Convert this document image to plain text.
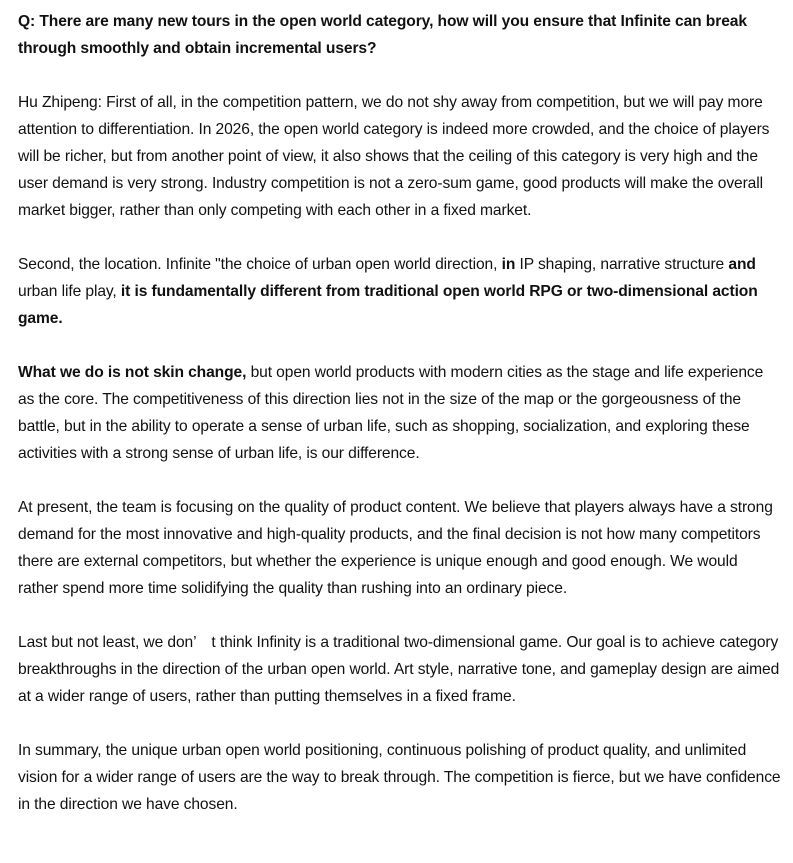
Q: There are many new tours in the open world category, how will you ensure that Infinite can break through smoothly and obtain incremental users?

Hu Zhipeng: First of all, in the competition pattern, we do not shy away from competition, but we will pay more attention to differentiation. In 2026, the open world category is indeed more crowded, and the choice of players will be richer, but from another point of view, it also shows that the ceiling of this category is very high and the user demand is very strong. Industry competition is not a zero-sum game, good products will make the overall market bigger, rather than only competing with each other in a fixed market.

Second, the location. Infinite "the choice of urban open world direction, in IP shaping, narrative structure and urban life play, it is fundamentally different from traditional open world RPG or two-dimensional action game.

What we do is not skin change, but open world products with modern cities as the stage and life experience as the core. The competitiveness of this direction lies not in the size of the map or the gorgeousness of the battle, but in the ability to operate a sense of urban life, such as shopping, socialization, and exploring these activities with a strong sense of urban life, is our difference.

At present, the team is focusing on the quality of product content. We believe that players always have a strong demand for the most innovative and high-quality products, and the final decision is not how many competitors there are external competitors, but whether the experience is unique enough and good enough. We would rather spend more time solidifying the quality than rushing into an ordinary piece.

Last but not least, we don’　t think Infinity is a traditional two-dimensional game. Our goal is to achieve category breakthroughs in the direction of the urban open world. Art style, narrative tone, and gameplay design are aimed at a wider range of users, rather than putting themselves in a fixed frame.

In summary, the unique urban open world positioning, continuous polishing of product quality, and unlimited vision for a wider range of users are the way to break through. The competition is fierce, but we have confidence in the direction we have chosen.
